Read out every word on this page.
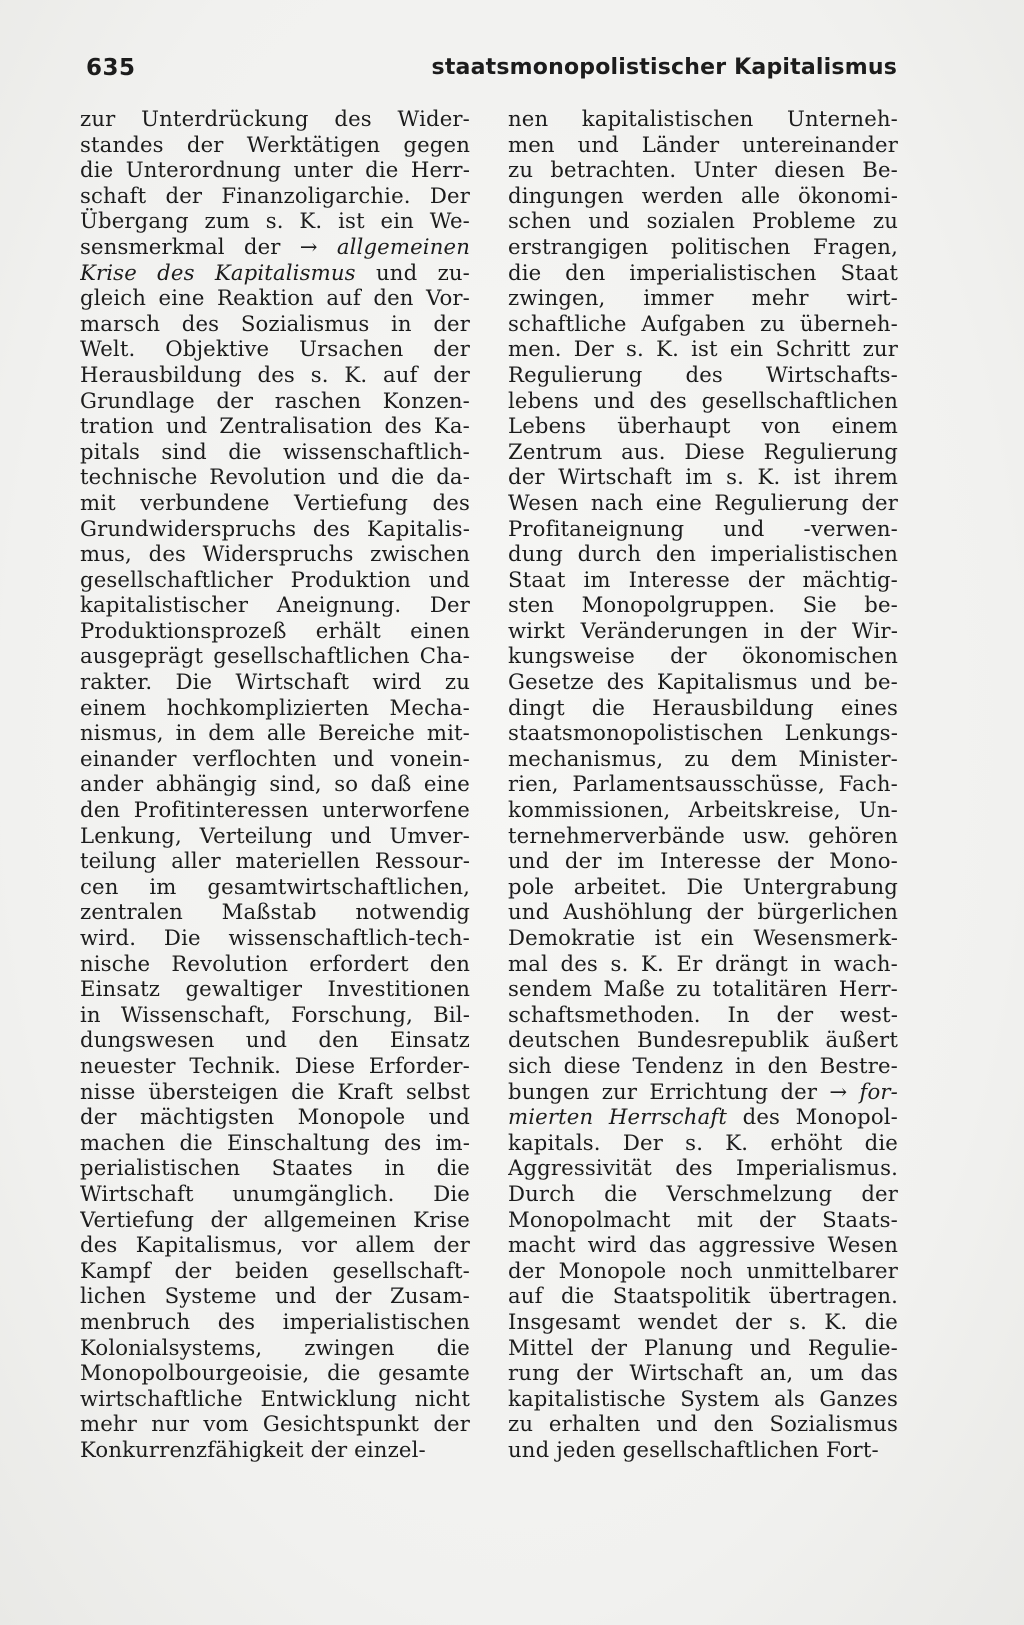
635	staatsmonopolistischer Kapitalismus
zur Unterdrückung des Wider-
standes der Werktätigen gegen
die Unterordnung unter die Herr-
schaft der Finanzoligarchie. Der
Übergang zum s. K. ist ein We-
sensmerkmal der → allgemeinen
Krise des Kapitalismus und zu-
gleich eine Reaktion auf den Vor-
marsch des Sozialismus in der
Welt. Objektive Ursachen der
Herausbildung des s. K. auf der
Grundlage der raschen Konzen-
tration und Zentralisation des Ka-
pitals sind die wissenschaftlich-
technische Revolution und die da-
mit verbundene Vertiefung des
Grundwiderspruchs des Kapitalis-
mus, des Widerspruchs zwischen
gesellschaftlicher Produktion und
kapitalistischer Aneignung. Der
Produktionsprozeß erhält einen
ausgeprägt gesellschaftlichen Cha-
rakter. Die Wirtschaft wird zu
einem hochkomplizierten Mecha-
nismus, in dem alle Bereiche mit-
einander verflochten und vonein-
ander abhängig sind, so daß eine
den Profitinteressen unterworfene
Lenkung, Verteilung und Umver-
teilung aller materiellen Ressour-
cen im gesamtwirtschaftlichen,
zentralen Maßstab notwendig
wird. Die wissenschaftlich-tech-
nische Revolution erfordert den
Einsatz gewaltiger Investitionen
in Wissenschaft, Forschung, Bil-
dungswesen und den Einsatz
neuester Technik. Diese Erforder-
nisse übersteigen die Kraft selbst
der mächtigsten Monopole und
machen die Einschaltung des im-
perialistischen Staates in die
Wirtschaft unumgänglich. Die
Vertiefung der allgemeinen Krise
des Kapitalismus, vor allem der
Kampf der beiden gesellschaft-
lichen Systeme und der Zusam-
menbruch des imperialistischen
Kolonialsystems, zwingen die
Monopolbourgeoisie, die gesamte
wirtschaftliche Entwicklung nicht
mehr nur vom Gesichtspunkt der
Konkurrenzfähigkeit der einzel-
nen kapitalistischen Unterneh-
men und Länder untereinander
zu betrachten. Unter diesen Be-
dingungen werden alle ökonomi-
schen und sozialen Probleme zu
erstrangigen politischen Fragen,
die den imperialistischen Staat
zwingen, immer mehr wirt-
schaftliche Aufgaben zu überneh-
men. Der s. K. ist ein Schritt zur
Regulierung des Wirtschafts-
lebens und des gesellschaftlichen
Lebens überhaupt von einem
Zentrum aus. Diese Regulierung
der Wirtschaft im s. K. ist ihrem
Wesen nach eine Regulierung der
Profitaneignung und -verwen-
dung durch den imperialistischen
Staat im Interesse der mächtig-
sten Monopolgruppen. Sie be-
wirkt Veränderungen in der Wir-
kungsweise der ökonomischen
Gesetze des Kapitalismus und be-
dingt die Herausbildung eines
staatsmonopolistischen Lenkungs-
mechanismus, zu dem Minister-
rien, Parlamentsausschüsse, Fach-
kommissionen, Arbeitskreise, Un-
ternehmerverbände usw. gehören
und der im Interesse der Mono-
pole arbeitet. Die Untergrabung
und Aushöhlung der bürgerlichen
Demokratie ist ein Wesensmerk-
mal des s. K. Er drängt in wach-
sendem Maße zu totalitären Herr-
schaftsmethoden. In der west-
deutschen Bundesrepublik äußert
sich diese Tendenz in den Bestre-
bungen zur Errichtung der → for-
mierten Herrschaft des Monopol-
kapitals. Der s. K. erhöht die
Aggressivität des Imperialismus.
Durch die Verschmelzung der
Monopolmacht mit der Staats-
macht wird das aggressive Wesen
der Monopole noch unmittelbarer
auf die Staatspolitik übertragen.
Insgesamt wendet der s. K. die
Mittel der Planung und Regulie-
rung der Wirtschaft an, um das
kapitalistische System als Ganzes
zu erhalten und den Sozialismus
und jeden gesellschaftlichen Fort-
